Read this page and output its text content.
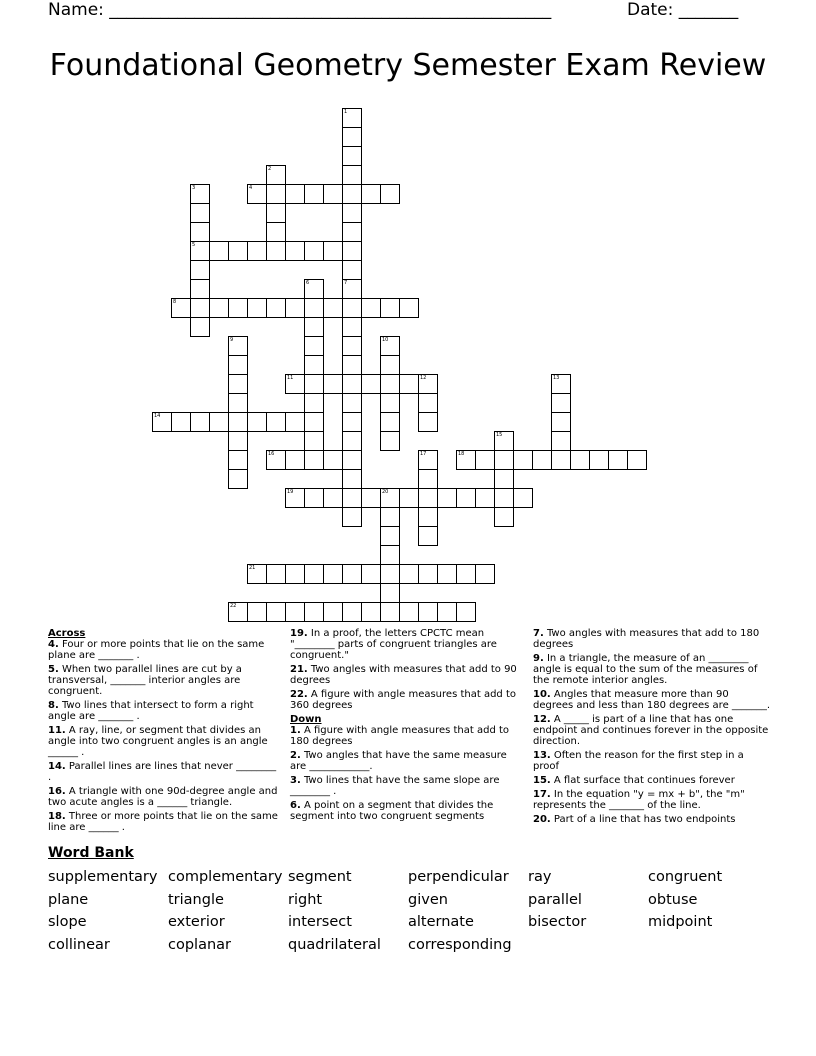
Name: ____________________________________________________	Date: _______
Foundational Geometry Semester Exam Review
1
7
2
3
5
4
6
8
9	10
11	12	13
14
15
16	17	18
19	20
21
22
Across
4. Four or more points that lie on the same plane are _______ .
5. When two parallel lines are cut by a transversal, _______ interior angles are congruent.
8. Two lines that intersect to form a right angle are _______ .
11. A ray, line, or segment that divides an angle into two congruent angles is an angle ______ .
14. Parallel lines are lines that never ________ .
16. A triangle with one 90d-degree angle and two acute angles is a ______ triangle.
18. Three or more points that lie on the same line are ______ .
19. In a proof, the letters CPCTC mean "________ parts of congruent triangles are congruent."
21. Two angles with measures that add to 90 degrees
22. A figure with angle measures that add to 360 degrees
Down
1. A figure with angle measures that add to 180 degrees
2. Two angles that have the same measure are ____________.
3. Two lines that have the same slope are ________ .
6. A point on a segment that divides the segment into two congruent segments
7. Two angles with measures that add to 180 degrees
9. In a triangle, the measure of an ________ angle is equal to the sum of the measures of the remote interior angles.
10. Angles that measure more than 90 degrees and less than 180 degrees are _______.
12. A _____ is part of a line that has one endpoint and continues forever in the opposite direction.
13. Often the reason for the first step in a proof
15. A flat surface that continues forever
17. In the equation "y = mx + b", the "m" represents the _______ of the line.
20. Part of a line that has two endpoints
Word Bank
supplementary complementary segment	perpendicular	ray	congruent
plane	triangle	right	given	parallel	obtuse
slope	exterior	intersect	alternate	bisector	midpoint
collinear	coplanar	quadrilateral	corresponding
